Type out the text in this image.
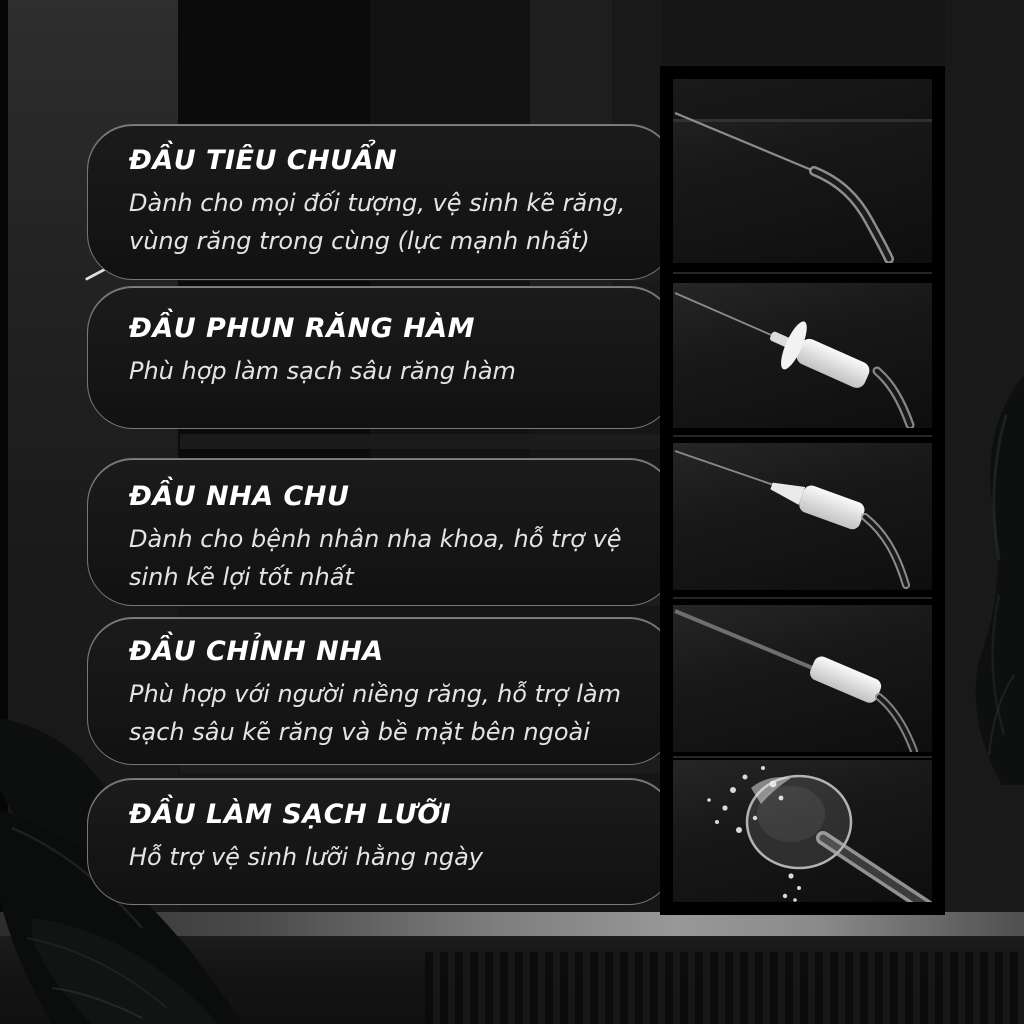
ĐẦU TIÊU CHUẨN

Dành cho mọi đối tượng, vệ sinh kẽ răng, vùng răng trong cùng (lực mạnh nhất)

ĐẦU PHUN RĂNG HÀM

Phù hợp làm sạch sâu răng hàm

ĐẦU NHA CHU

Dành cho bệnh nhân nha khoa, hỗ trợ vệ sinh kẽ lợi tốt nhất

ĐẦU CHỈNH NHA

Phù hợp với người niềng răng, hỗ trợ làm sạch sâu kẽ răng và bề mặt bên ngoài

ĐẦU LÀM SẠCH LƯỠI

Hỗ trợ vệ sinh lưỡi hằng ngày
